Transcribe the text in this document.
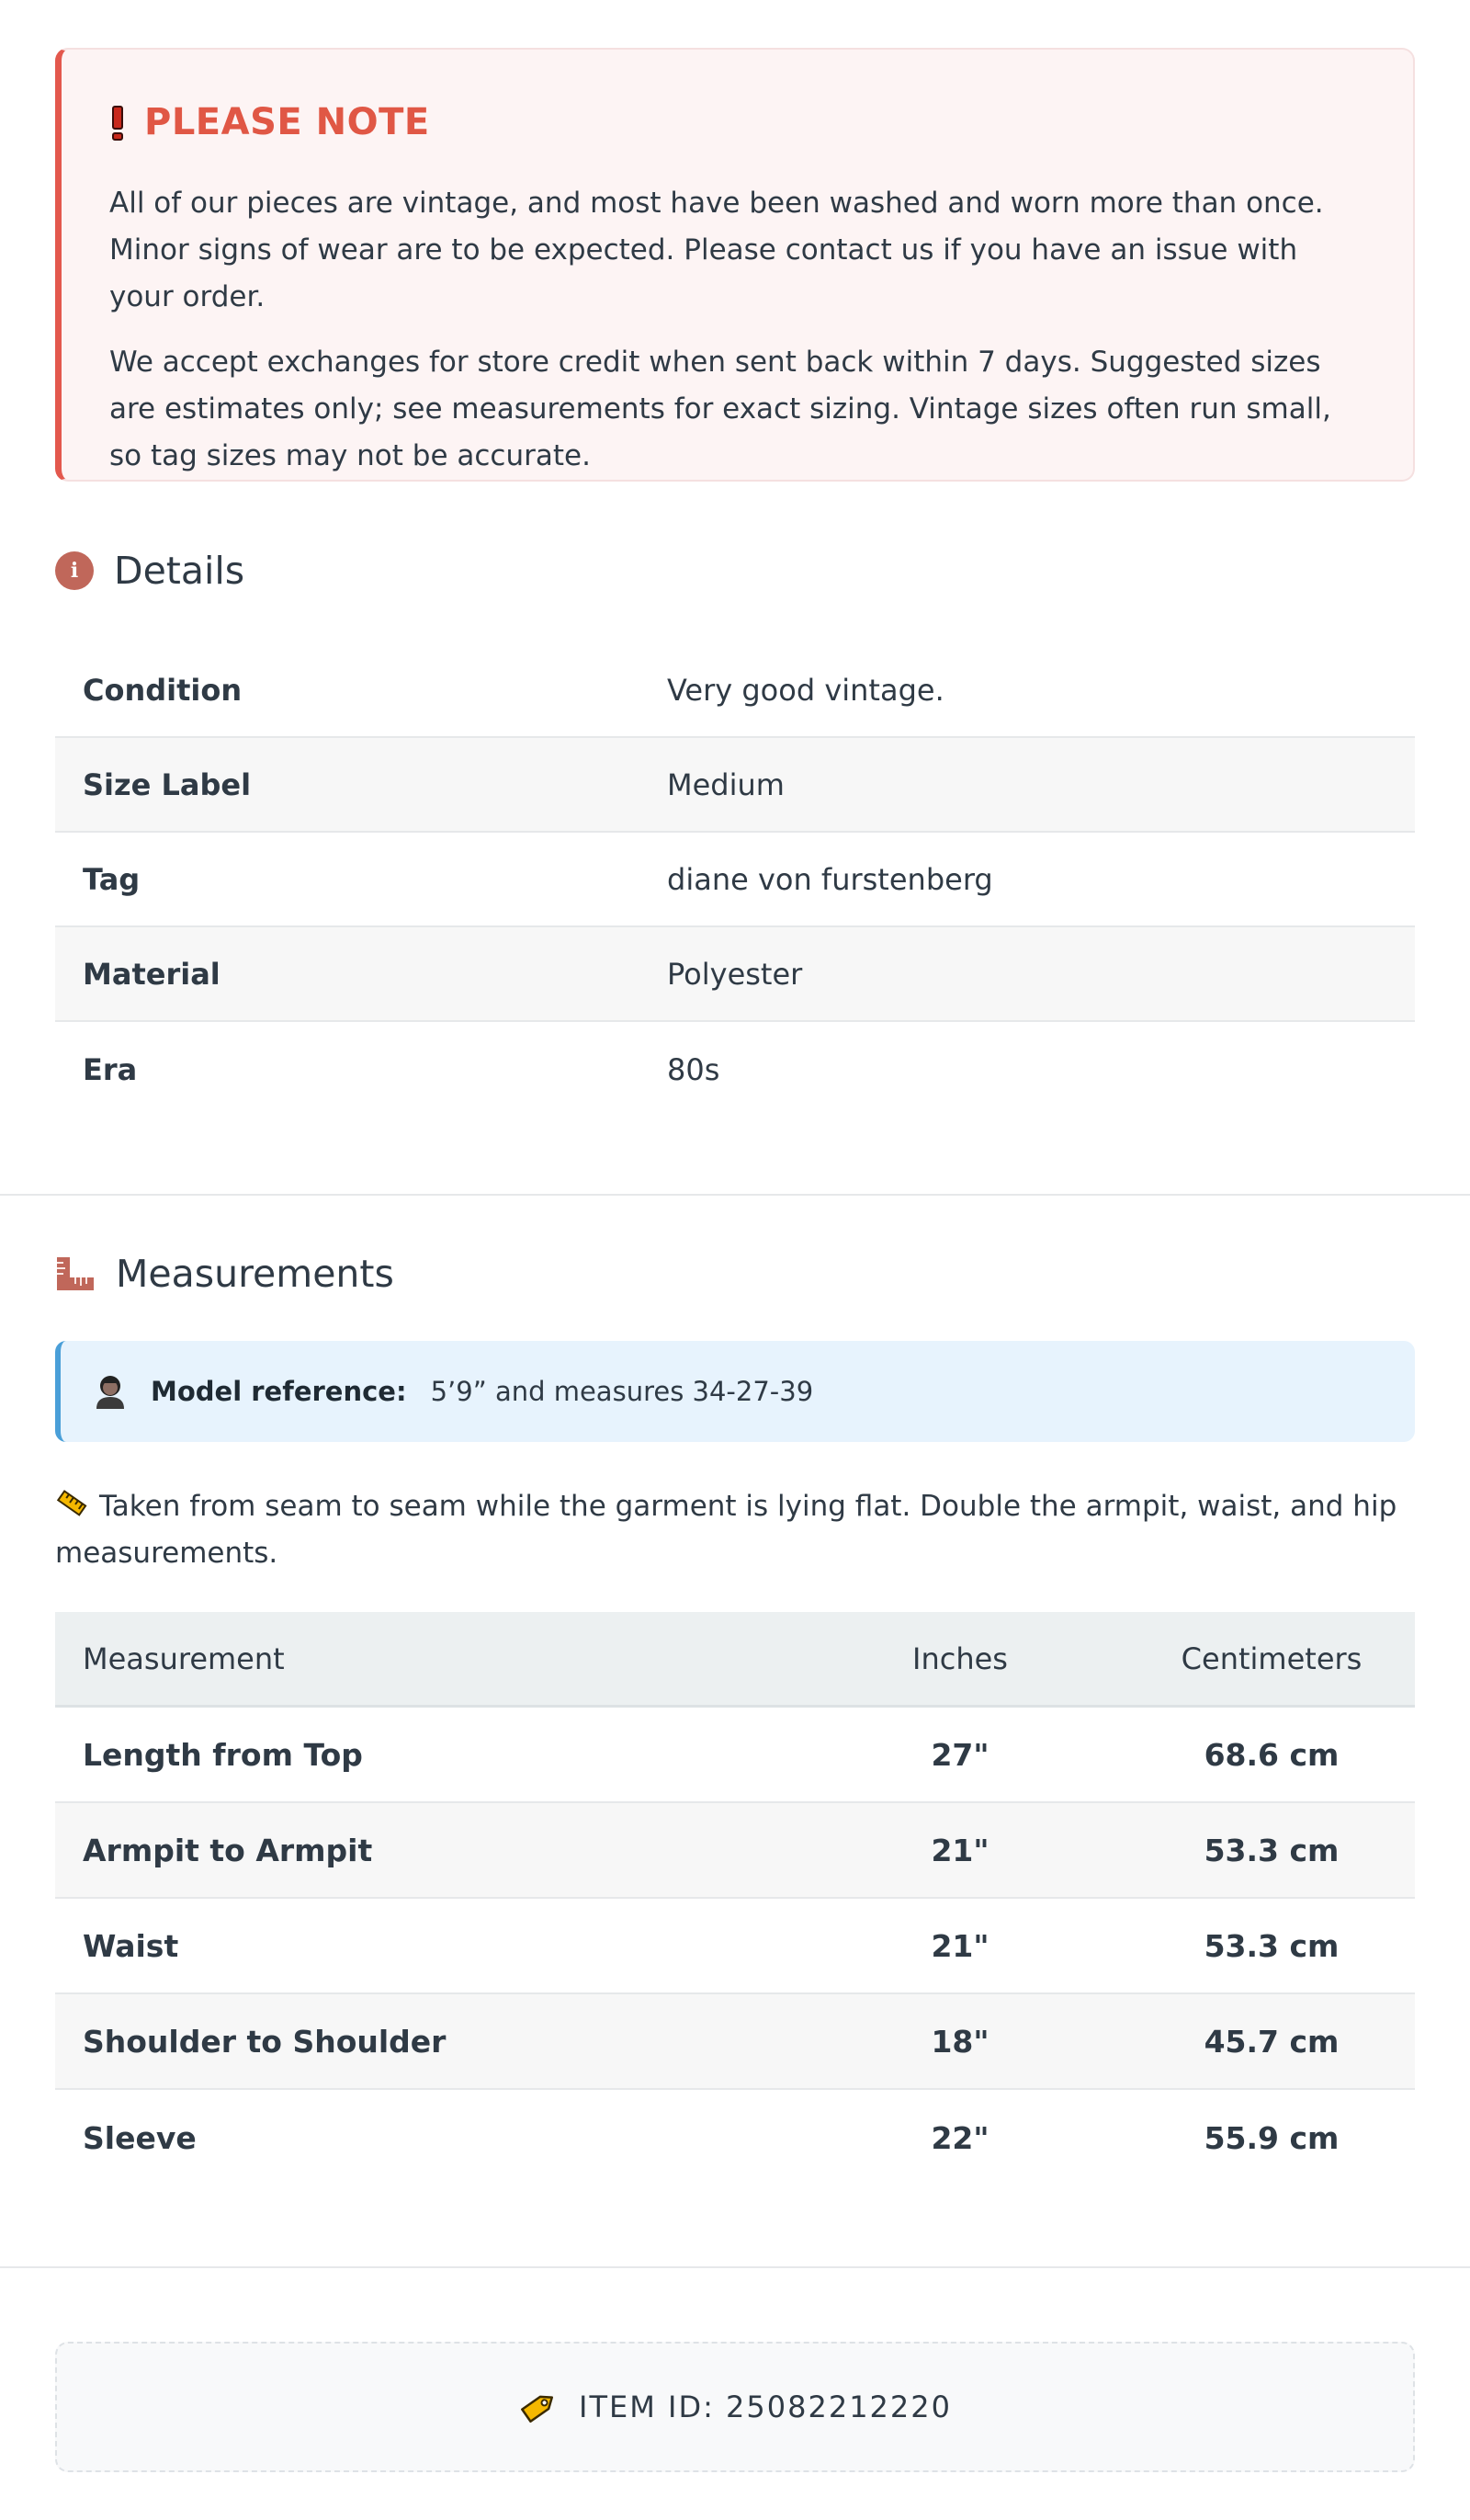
PLEASE NOTE

All of our pieces are vintage, and most have been washed and worn more than once. Minor signs of wear are to be expected. Please contact us if you have an issue with your order.

We accept exchanges for store credit when sent back within 7 days. Suggested sizes are estimates only; see measurements for exact sizing. Vintage sizes often run small, so tag sizes may not be accurate.

i Details
Condition	Very good vintage.
Size Label	Medium
Tag	diane von furstenberg
Material	Polyester
Era	80s
Measurements
Model reference: 5’9” and measures 34-27-39
Taken from seam to seam while the garment is lying flat. Double the armpit, waist, and hip measurements.
Measurement	Inches	Centimeters
Length from Top	27"	68.6 cm
Armpit to Armpit	21"	53.3 cm
Waist	21"	53.3 cm
Shoulder to Shoulder	18"	45.7 cm
Sleeve	22"	55.9 cm
ITEM ID: 25082212220
